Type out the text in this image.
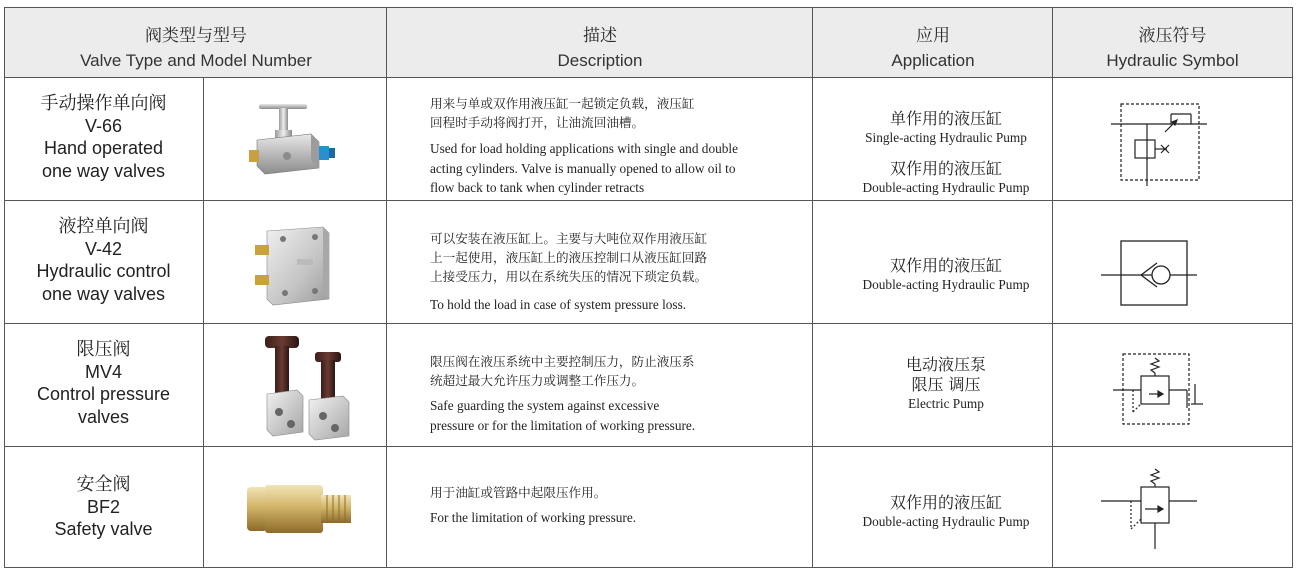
阀类型与型号
Valve Type and Model Number
描述
Description
应用
Application
液压符号
Hydraulic Symbol
手动操作单向阀
V-66
Hand operated
one way valves

用来与单或双作用液压缸一起锁定负载，液压缸

回程时手动将阀打开，让油流回油槽。

Used for load holding applications with single and double

acting cylinders. Valve is manually opened to allow oil to

flow back to tank when cylinder retracts

单作用的液压缸
Single-acting Hydraulic Pump
双作用的液压缸
Double-acting Hydraulic Pump
液控单向阀
V-42
Hydraulic control
one way valves

可以安装在液压缸上。主要与大吨位双作用液压缸

上一起使用，液压缸上的液压控制口从液压缸回路

上接受压力，用以在系统失压的情况下琐定负载。

To hold the load in case of system pressure loss.

双作用的液压缸
Double-acting Hydraulic Pump
限压阀
MV4
Control pressure
valves

限压阀在液压系统中主要控制压力，防止液压系

统超过最大允许压力或调整工作压力。

Safe guarding the system against excessive

pressure or for the limitation of working pressure.

电动液压泵
限压 调压
Electric Pump
安全阀
BF2
Safety valve

用于油缸或管路中起限压作用。

For the limitation of working pressure.

双作用的液压缸
Double-acting Hydraulic Pump
